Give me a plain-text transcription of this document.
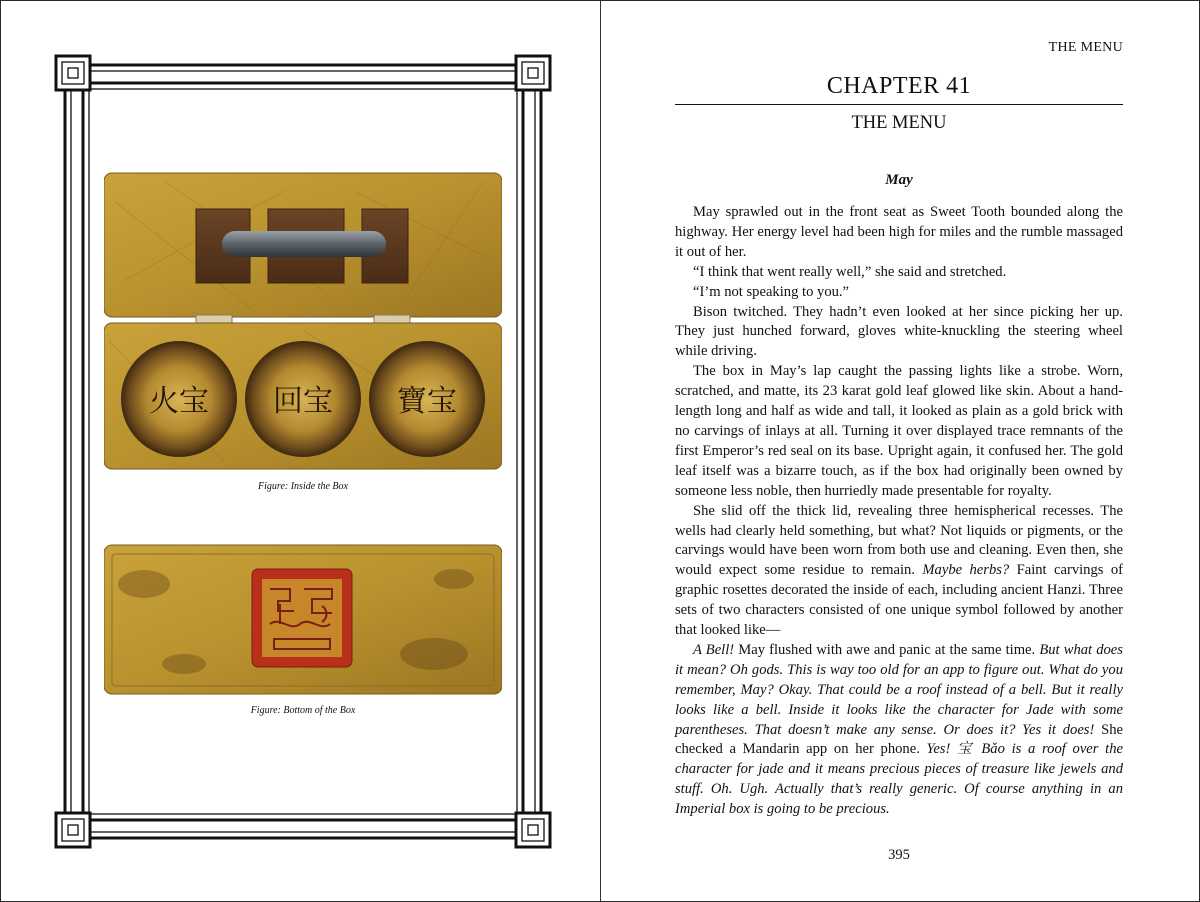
火宝 回宝 寶宝
Figure: Inside the Box
Figure: Bottom of the Box
THE MENU
CHAPTER 41
THE MENU
May

May sprawled out in the front seat as Sweet Tooth bounded along the highway. Her energy level had been high for miles and the rumble massaged it out of her.

“I think that went really well,” she said and stretched.

“I’m not speaking to you.”

Bison twitched. They hadn’t even looked at her since picking her up. They just hunched forward, gloves white-knuckling the steering wheel while driving.

The box in May’s lap caught the passing lights like a strobe. Worn, scratched, and matte, its 23 karat gold leaf glowed like skin. About a hand-length long and half as wide and tall, it looked as plain as a gold brick with no carvings of inlays at all. Turning it over displayed trace remnants of the first Emperor’s red seal on its base. Upright again, it confused her. The gold leaf itself was a bizarre touch, as if the box had originally been owned by someone less noble, then hurriedly made presentable for royalty.

She slid off the thick lid, revealing three hemispherical recesses. The wells had clearly held something, but what? Not liquids or pigments, or the carvings would have been worn from both use and cleaning. Even then, she would expect some residue to remain. Maybe herbs? Faint carvings of graphic rosettes decorated the inside of each, including ancient Hanzi. Three sets of two characters consisted of one unique symbol followed by another that looked like—

A Bell! May flushed with awe and panic at the same time. But what does it mean? Oh gods. This is way too old for an app to figure out. What do you remember, May? Okay. That could be a roof instead of a bell. But it really looks like a bell. Inside it looks like the character for Jade with some parentheses. That doesn’t make any sense. Or does it? Yes it does! She checked a Mandarin app on her phone. Yes! 宝 Bǎo is a roof over the character for jade and it means precious pieces of treasure like jewels and stuff. Oh. Ugh. Actually that’s really generic. Of course anything in an Imperial box is going to be precious.

395
